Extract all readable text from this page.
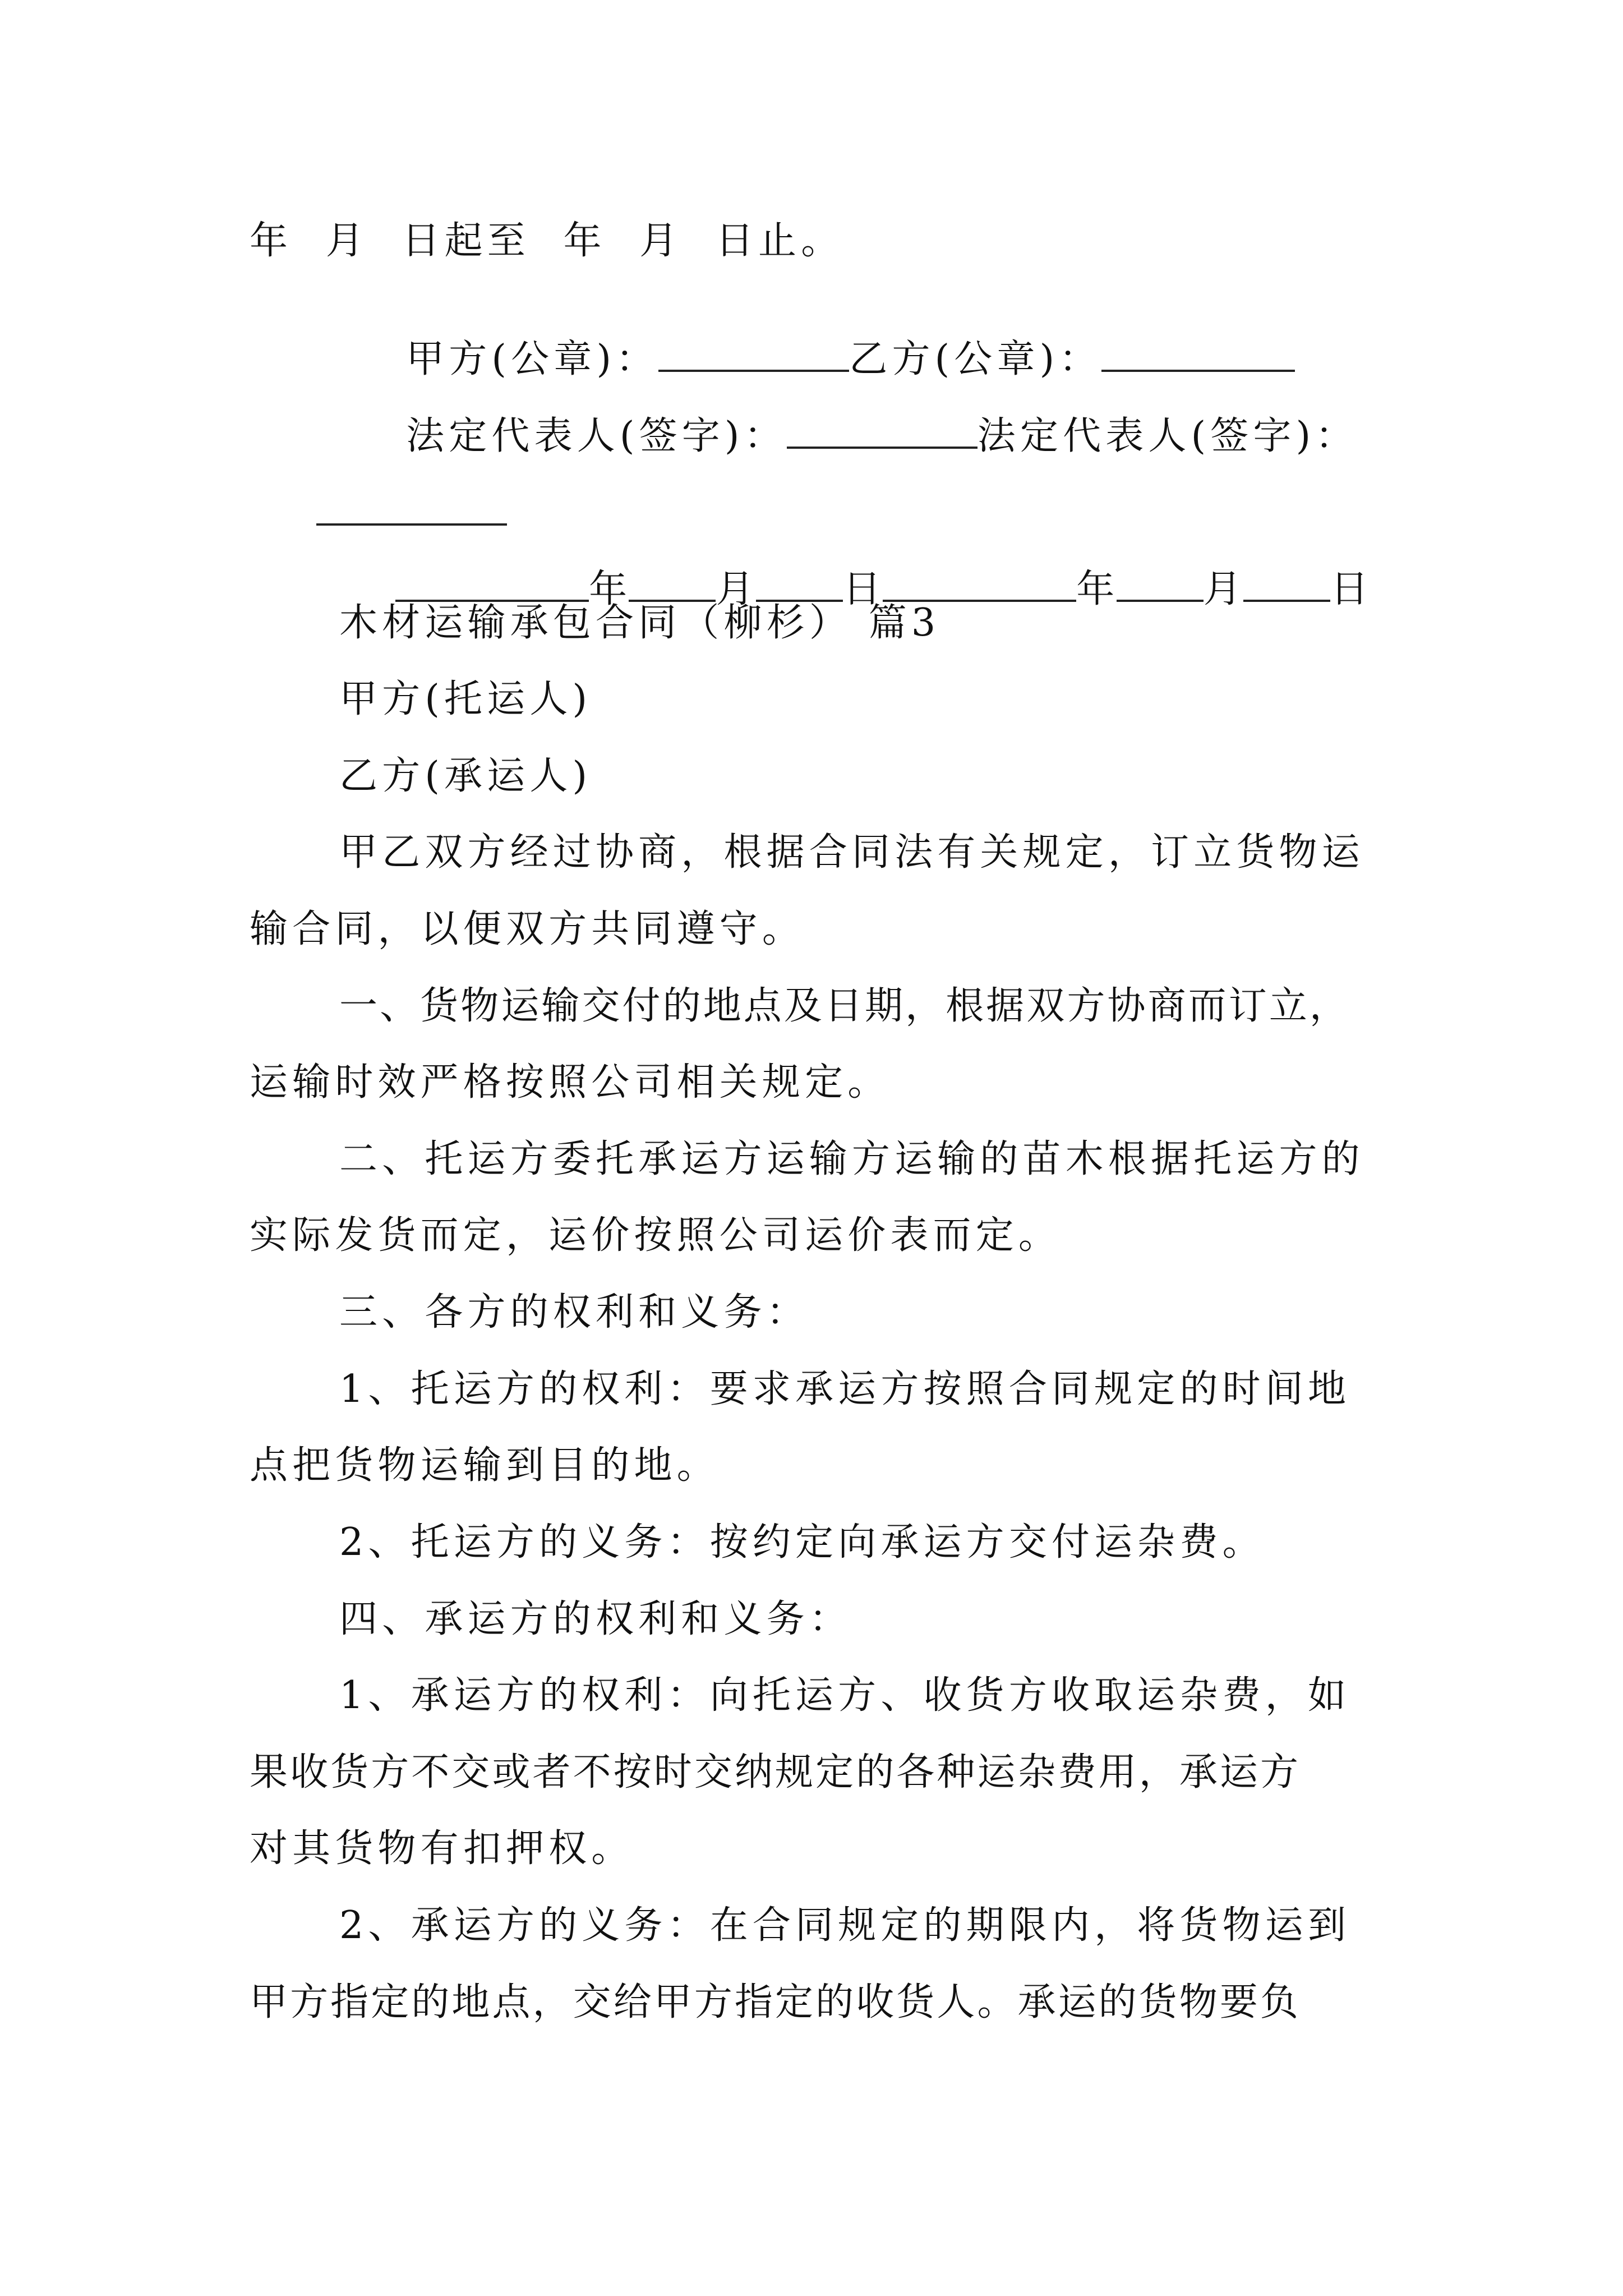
年  月  日起至  年  月  日止。

甲方(公章)：	乙方(公章)：

法定代表人(签字)：	法定代表人(签字)：

年 月 日	年 月 日

木材运输承包合同（柳杉） 篇3
甲方(托运人)
乙方(承运人)
甲乙双方经过协商，根据合同法有关规定，订立货物运
输合同，以便双方共同遵守。
一、货物运输交付的地点及日期，根据双方协商而订立，
运输时效严格按照公司相关规定。
二、托运方委托承运方运输方运输的苗木根据托运方的
实际发货而定，运价按照公司运价表而定。
三、各方的权利和义务：
1、托运方的权利：要求承运方按照合同规定的时间地
点把货物运输到目的地。
2、托运方的义务：按约定向承运方交付运杂费。
四、承运方的权利和义务：
1、承运方的权利：向托运方、收货方收取运杂费，如
果收货方不交或者不按时交纳规定的各种运杂费用，承运方
对其货物有扣押权。
2、承运方的义务：在合同规定的期限内，将货物运到
甲方指定的地点，交给甲方指定的收货人。承运的货物要负
